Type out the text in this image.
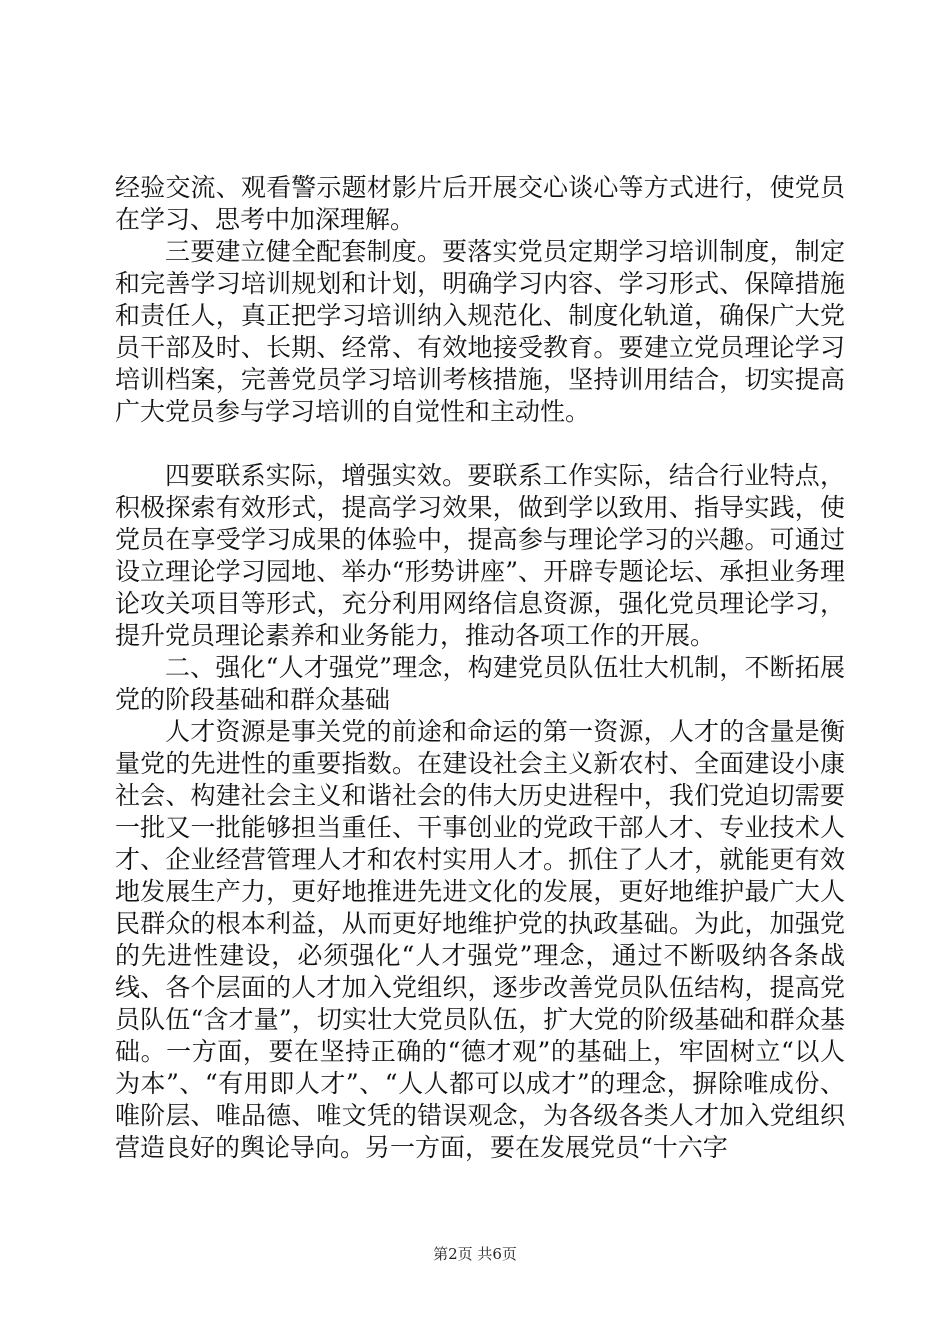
经验交流、观看警示题材影片后开展交心谈心等方式进行，使党员在学习、思考中加深理解。

三要建立健全配套制度。要落实党员定期学习培训制度，制定和完善学习培训规划和计划，明确学习内容、学习形式、保障措施和责任人，真正把学习培训纳入规范化、制度化轨道，确保广大党员干部及时、长期、经常、有效地接受教育。要建立党员理论学习培训档案，完善党员学习培训考核措施，坚持训用结合，切实提高广大党员参与学习培训的自觉性和主动性。

四要联系实际，增强实效。要联系工作实际，结合行业特点，积极探索有效形式，提高学习效果，做到学以致用、指导实践，使党员在享受学习成果的体验中，提高参与理论学习的兴趣。可通过设立理论学习园地、举办“形势讲座”、开辟专题论坛、承担业务理论攻关项目等形式，充分利用网络信息资源，强化党员理论学习，提升党员理论素养和业务能力，推动各项工作的开展。

二、强化“人才强党”理念，构建党员队伍壮大机制，不断拓展党的阶段基础和群众基础

人才资源是事关党的前途和命运的第一资源，人才的含量是衡量党的先进性的重要指数。在建设社会主义新农村、全面建设小康社会、构建社会主义和谐社会的伟大历史进程中，我们党迫切需要一批又一批能够担当重任、干事创业的党政干部人才、专业技术人才、企业经营管理人才和农村实用人才。抓住了人才，就能更有效地发展生产力，更好地推进先进文化的发展，更好地维护最广大人民群众的根本利益，从而更好地维护党的执政基础。为此，加强党的先进性建设，必须强化“人才强党”理念，通过不断吸纳各条战线、各个层面的人才加入党组织，逐步改善党员队伍结构，提高党员队伍“含才量”，切实壮大党员队伍，扩大党的阶级基础和群众基础。一方面，要在坚持正确的“德才观”的基础上，牢固树立“以人为本”、“有用即人才”、“人人都可以成才”的理念，摒除唯成份、唯阶层、唯品德、唯文凭的错误观念，为各级各类人才加入党组织营造良好的舆论导向。另一方面，要在发展党员“十六字

第2页 共6页
